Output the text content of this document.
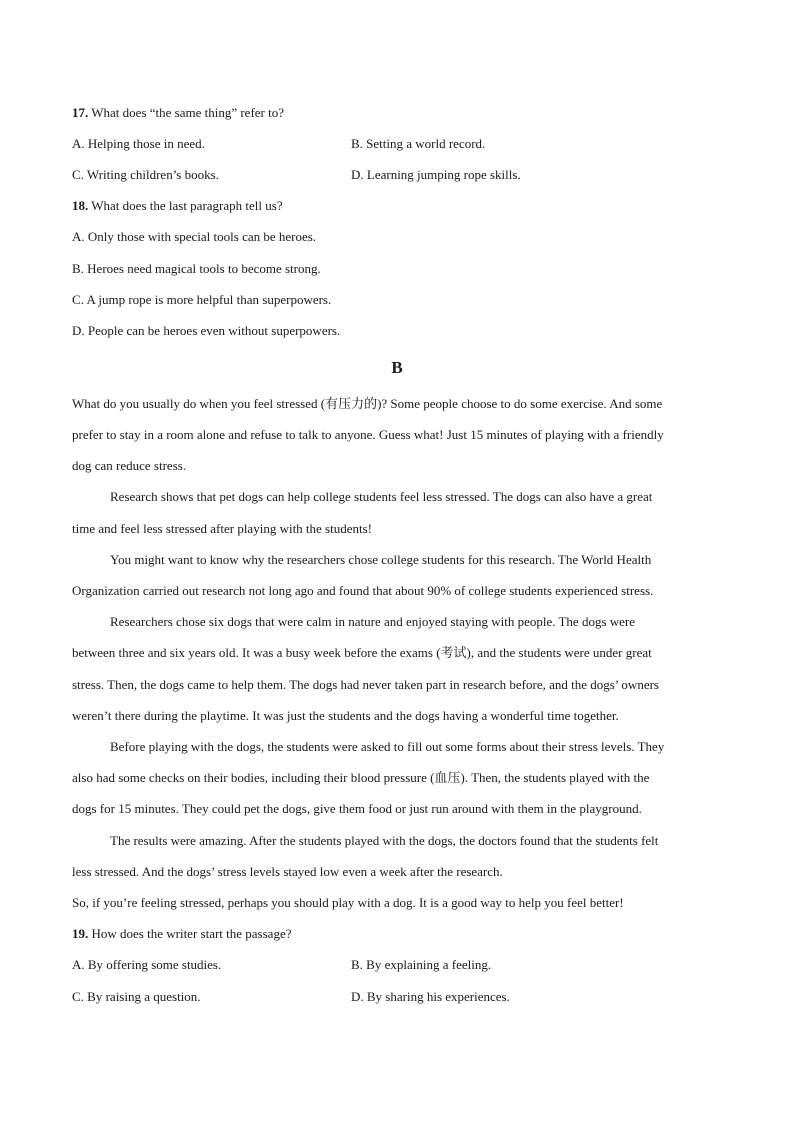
17. What does “the same thing” refer to?
A. Helping those in need.	B. Setting a world record.
C. Writing children’s books.	D. Learning jumping rope skills.
18. What does the last paragraph tell us?
A. Only those with special tools can be heroes.
B. Heroes need magical tools to become strong.
C. A jump rope is more helpful than superpowers.
D. People can be heroes even without superpowers.
B
What do you usually do when you feel stressed (有压力的)? Some people choose to do some exercise. And some
prefer to stay in a room alone and refuse to talk to anyone. Guess what! Just 15 minutes of playing with a friendly
dog can reduce stress.
Research shows that pet dogs can help college students feel less stressed. The dogs can also have a great
time and feel less stressed after playing with the students!
You might want to know why the researchers chose college students for this research. The World Health
Organization carried out research not long ago and found that about 90% of college students experienced stress.
Researchers chose six dogs that were calm in nature and enjoyed staying with people. The dogs were
between three and six years old. It was a busy week before the exams (考试), and the students were under great
stress. Then, the dogs came to help them. The dogs had never taken part in research before, and the dogs’ owners
weren’t there during the playtime. It was just the students and the dogs having a wonderful time together.
Before playing with the dogs, the students were asked to fill out some forms about their stress levels. They
also had some checks on their bodies, including their blood pressure (血压). Then, the students played with the
dogs for 15 minutes. They could pet the dogs, give them food or just run around with them in the playground.
The results were amazing. After the students played with the dogs, the doctors found that the students felt
less stressed. And the dogs’ stress levels stayed low even a week after the research.
So, if you’re feeling stressed, perhaps you should play with a dog. It is a good way to help you feel better!
19. How does the writer start the passage?
A. By offering some studies.	B. By explaining a feeling.
C. By raising a question.	D. By sharing his experiences.
